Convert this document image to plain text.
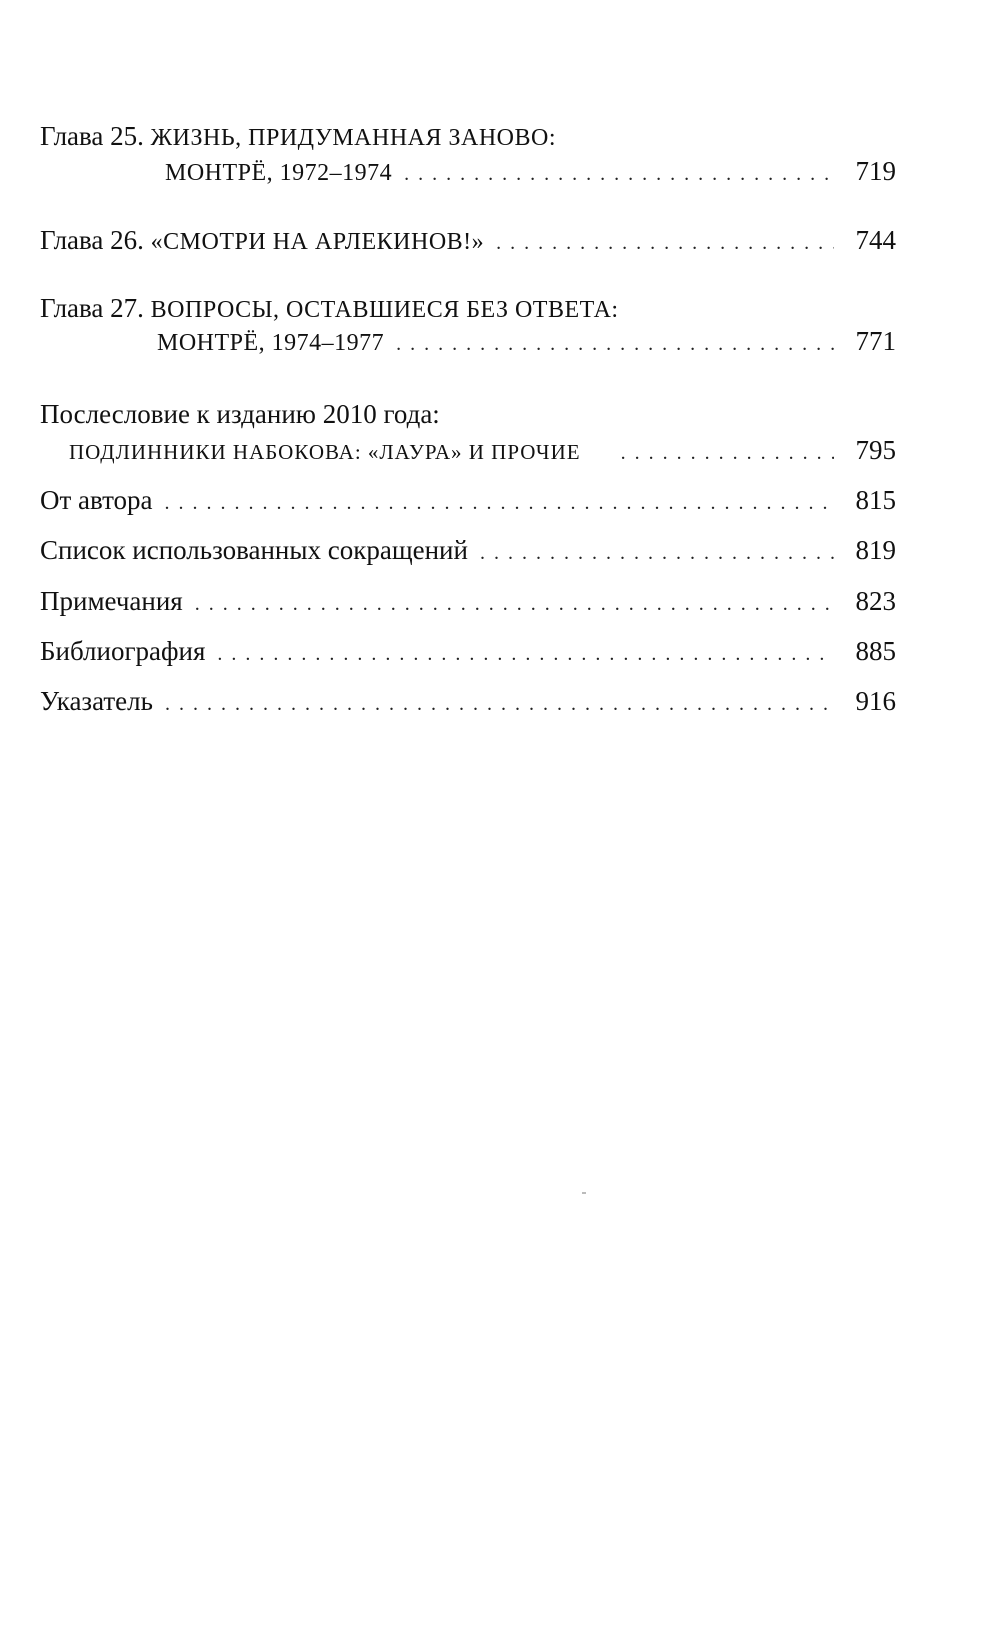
Глава 25.
ЖИЗНЬ, ПРИДУМАННАЯ ЗАНОВО:
МОНТРЁ, 1972–1974 . . .	719
Глава 26.
«СМОТРИ НА АРЛЕКИНОВ!» . . .	744
Глава 27.
ВОПРОСЫ, ОСТАВШИЕСЯ БЕЗ ОТВЕТА:
МОНТРЁ, 1974–1977 . . .	771
Послесловие к изданию 2010 года:
ПОДЛИННИКИ НАБОКОВА: «ЛАУРА» И ПРОЧИЕ . . .	795
От автора . . .	815
Список использованных сокращений . . .	819
Примечания . . .	823
Библиография . . .	885
Указатель . . .	916
